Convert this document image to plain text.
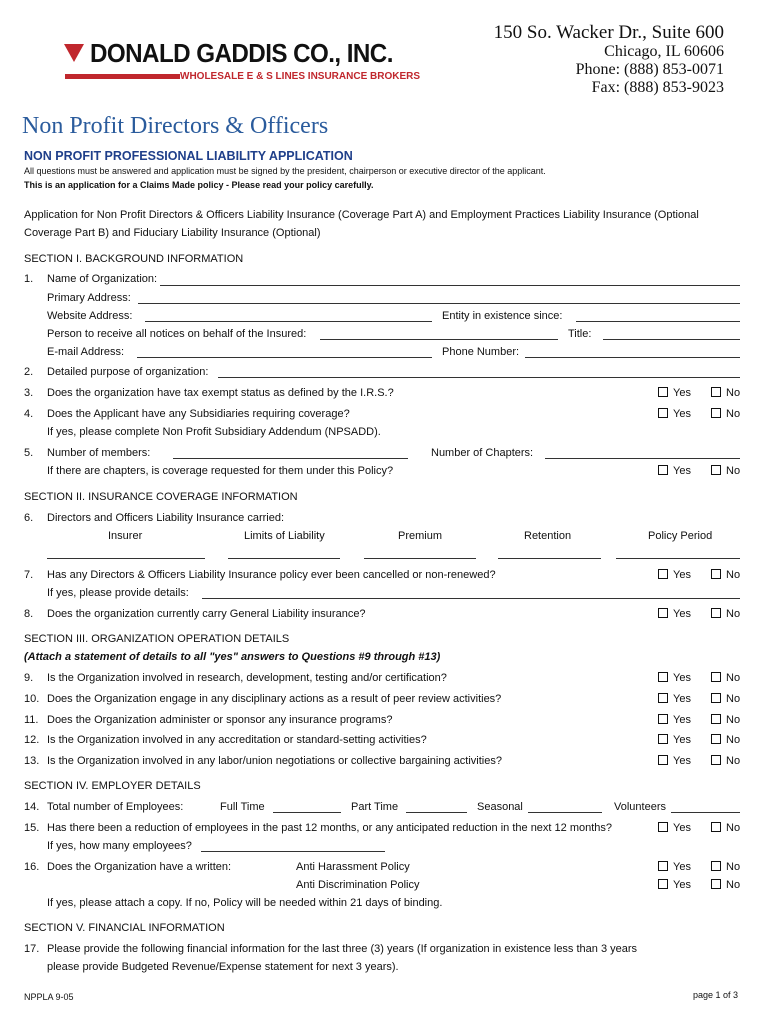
DONALD GADDIS CO., INC.
WHOLESALE E & S LINES INSURANCE BROKERS
150 So. Wacker Dr., Suite 600
Chicago, IL 60606
Phone: (888) 853-0071
Fax: (888) 853-9023
Non Profit Directors & Officers
NON PROFIT PROFESSIONAL LIABILITY APPLICATION
All questions must be answered and application must be signed by the president, chairperson or executive director of the applicant.
This is an application for a Claims Made policy - Please read your policy carefully.
Application for Non Profit Directors & Officers Liability Insurance (Coverage Part A) and Employment Practices Liability Insurance (Optional
Coverage Part B) and Fiduciary Liability Insurance (Optional)
SECTION I. BACKGROUND INFORMATION
1. Name of Organization:
Primary Address:
Website Address:	Entity in existence since:
Person to receive all notices on behalf of the Insured:	Title:
E-mail Address:	Phone Number:
2. Detailed purpose of organization:
3. Does the organization have tax exempt status as defined by the I.R.S.?	Yes	No
4. Does the Applicant have any Subsidiaries requiring coverage?	Yes	No
If yes, please complete Non Profit Subsidiary Addendum (NPSADD).
5. Number of members:	Number of Chapters:
If there are chapters, is coverage requested for them under this Policy?	Yes	No
SECTION II. INSURANCE COVERAGE INFORMATION
6. Directors and Officers Liability Insurance carried:
Insurer	Limits of Liability	Premium	Retention	Policy Period
7. Has any Directors & Officers Liability Insurance policy ever been cancelled or non-renewed?	Yes	No
If yes, please provide details:
8. Does the organization currently carry General Liability insurance?	Yes	No
SECTION III. ORGANIZATION OPERATION DETAILS
(Attach a statement of details to all "yes" answers to Questions #9 through #13)
9. Is the Organization involved in research, development, testing and/or certification?	Yes	No
10. Does the Organization engage in any disciplinary actions as a result of peer review activities?	Yes	No
11. Does the Organization administer or sponsor any insurance programs?	Yes	No
12. Is the Organization involved in any accreditation or standard-setting activities?	Yes	No
13. Is the Organization involved in any labor/union negotiations or collective bargaining activities?	Yes	No
SECTION IV. EMPLOYER DETAILS
14. Total number of Employees:	Full Time	Part Time	Seasonal	Volunteers
15. Has there been a reduction of employees in the past 12 months, or any anticipated reduction in the next 12 months?	Yes	No
If yes, how many employees?
16. Does the Organization have a written:	Anti Harassment Policy	Yes	No
Anti Discrimination Policy	Yes	No
If yes, please attach a copy. If no, Policy will be needed within 21 days of binding.
SECTION V. FINANCIAL INFORMATION
17. Please provide the following financial information for the last three (3) years (If organization in existence less than 3 years
please provide Budgeted Revenue/Expense statement for next 3 years).
NPPLA 9-05	page 1 of 3
